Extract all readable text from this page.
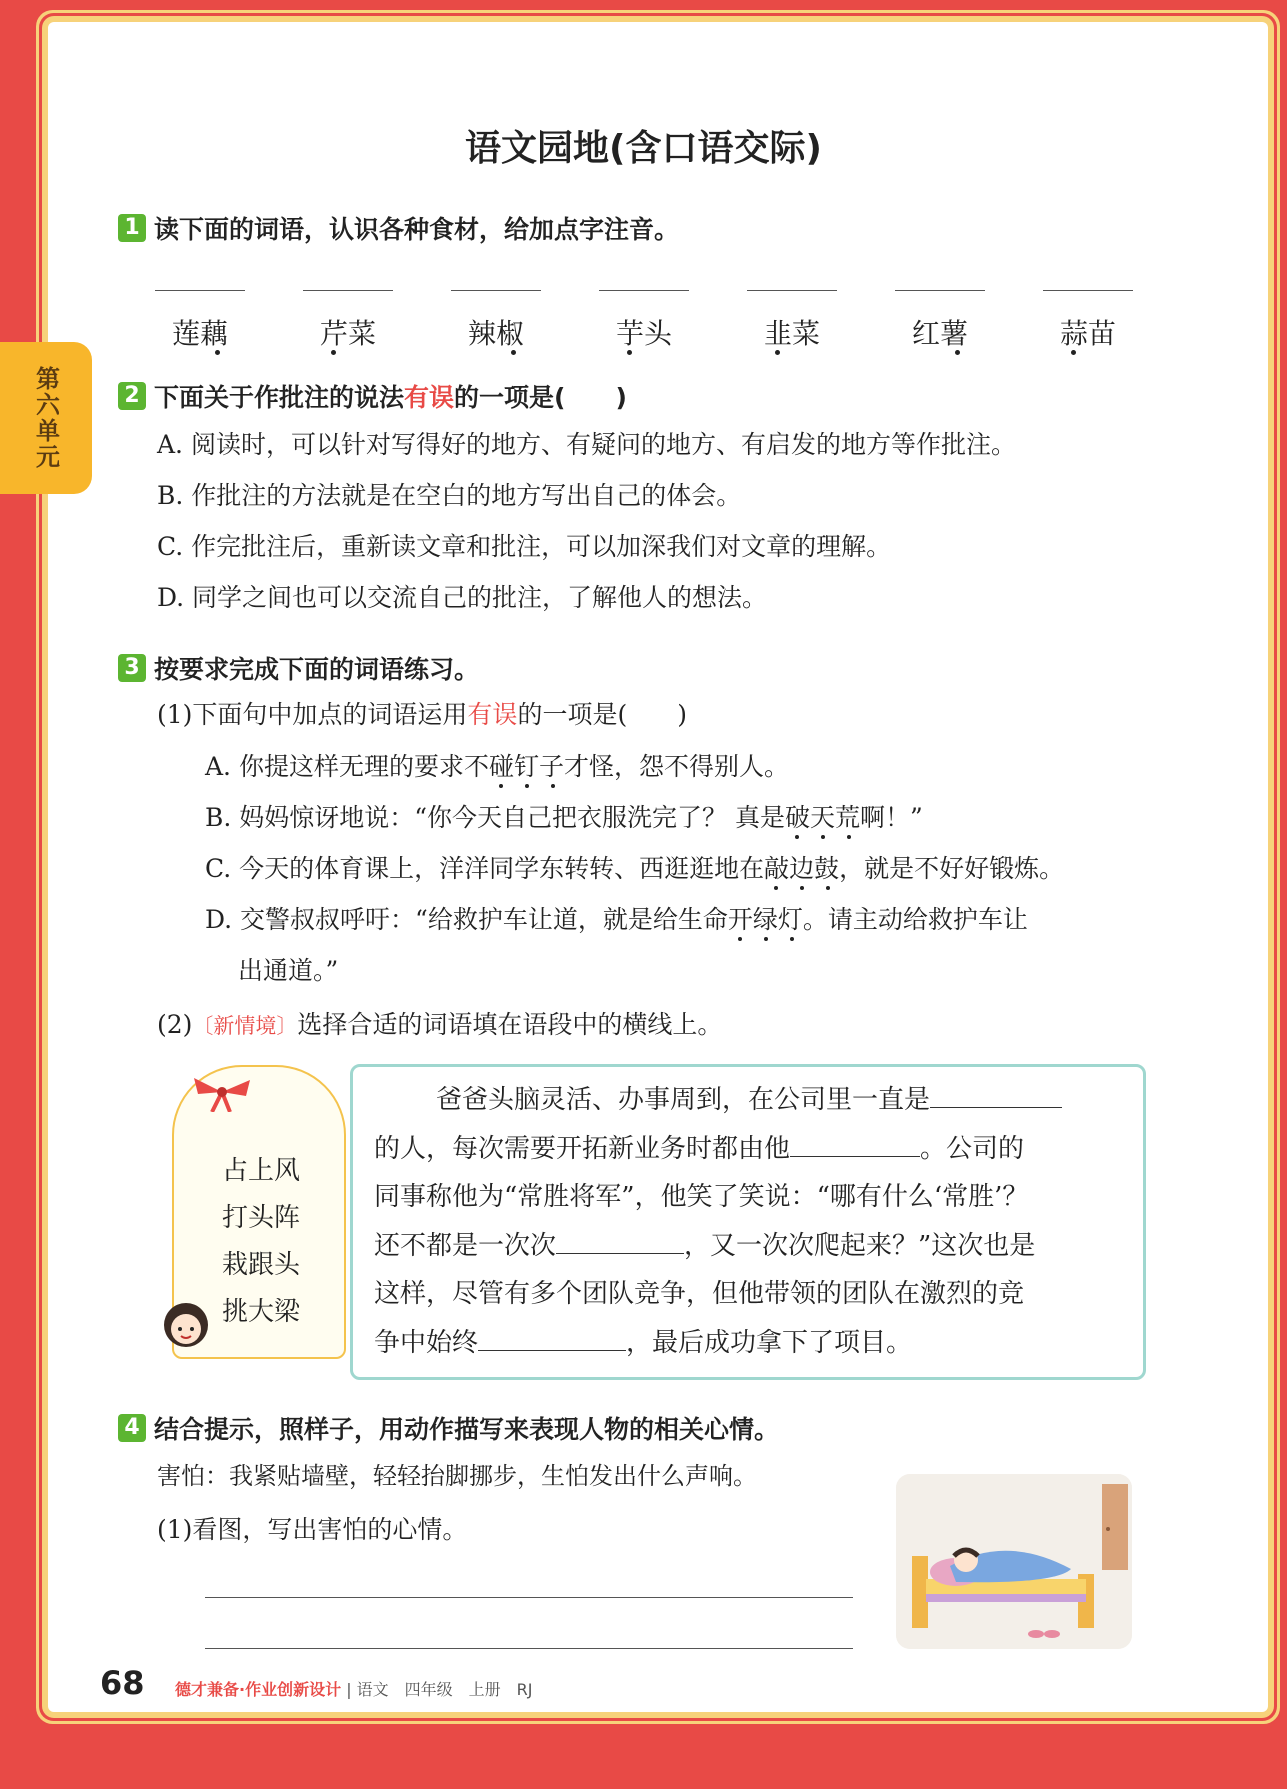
第六单元
语文园地(含口语交际)
1 读下面的词语，认识各种食材，给加点字注音。
莲藕	芹菜	辣椒	芋头	韭菜	红薯	蒜苗
2 下面关于作批注的说法有误的一项是(　　)
A. 阅读时，可以针对写得好的地方、有疑问的地方、有启发的地方等作批注。
B. 作批注的方法就是在空白的地方写出自己的体会。
C. 作完批注后，重新读文章和批注，可以加深我们对文章的理解。
D. 同学之间也可以交流自己的批注，了解他人的想法。
3 按要求完成下面的词语练习。
(1)下面句中加点的词语运用有误的一项是(　　)
A. 你提这样无理的要求不碰钉子
才怪，怨不得别人。
B. 妈妈惊讶地说：“你今天自己把衣服洗完了？ 真是破天荒
啊！”
C. 今天的体育课上，洋洋同学东转转、西逛逛地在敲边鼓
，就是不好好锻炼。
D. 交警叔叔呼吁：“给救护车让道，就是给生命开绿灯
。请主动给救护车让
出通道。”
(2)〔新情境〕选择合适的词语填在语段中的横线上。
占上风
打头阵
栽跟头
挑大梁
爸爸头脑灵活、办事周到，在公司里一直是
的人，每次需要开拓新业务时都由他	。公司的
同事称他为“常胜将军”，他笑了笑说：“哪有什么‘常胜’？
还不都是一次次	，又一次次爬起来？”这次也是
这样，尽管有多个团队竞争，但他带领的团队在激烈的竞
争中始终	，最后成功拿下了项目。
4 结合提示，照样子，用动作描写来表现人物的相关心情。
害怕：我紧贴墙壁，轻轻抬脚挪步，生怕发出什么声响。
(1)看图，写出害怕的心情。
68 德才兼备·作业创新设计 | 语文　四年级　上册　RJ
